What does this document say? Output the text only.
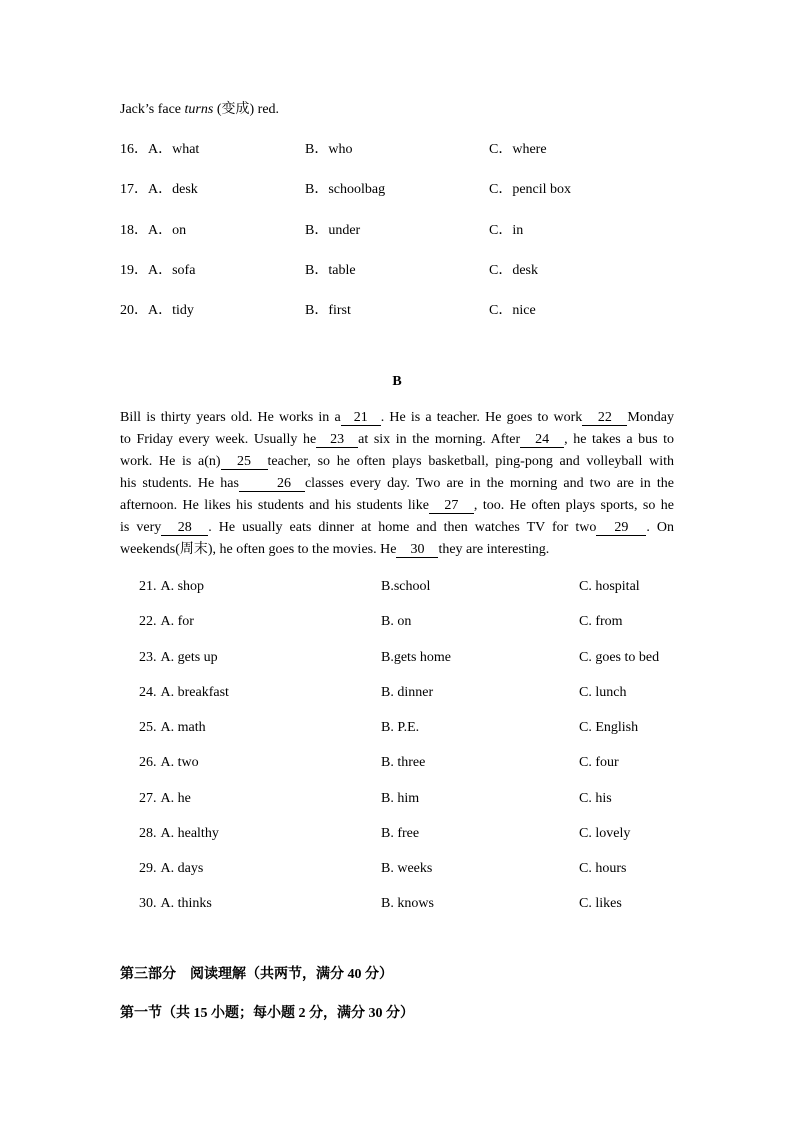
Jack’s face turns (变成) red.
16．A．what	B．who	C．where
17．A．desk	B．schoolbag	C．pencil box
18．A．on	B．under	C．in
19．A．sofa	B．table	C．desk
20．A．tidy	B．first	C．nice
B
Bill is thirty years old. He works in a 21 . He is a teacher. He goes to work 22 Monday
to Friday every week. Usually he 23 at six in the morning. After 24 , he takes a bus to
work. He is a(n) 25 teacher, so he often plays basketball, ping-pong and volleyball with
his students. He has	26 classes every day. Two are in the morning and two are in the
afternoon. He likes his students and his students like 27 , too. He often plays sports, so he
is very 28 . He usually eats dinner at home and then watches TV for two 29 . On
weekends(周末), he often goes to the movies. He 30 they are interesting.
21. A. shop	B.school	C. hospital
22. A. for	B. on	C. from
23. A. gets up	B.gets home	C. goes to bed
24. A. breakfast	B. dinner	C. lunch
25. A. math	B. P.E.	C. English
26. A. two	B. three	C. four
27. A. he	B. him	C. his
28. A. healthy	B. free	C. lovely
29. A. days	B. weeks	C. hours
30. A. thinks	B. knows	C. likes
第三部分　阅读理解（共两节，满分 40 分）
第一节（共 15 小题；每小题 2 分，满分 30 分）
